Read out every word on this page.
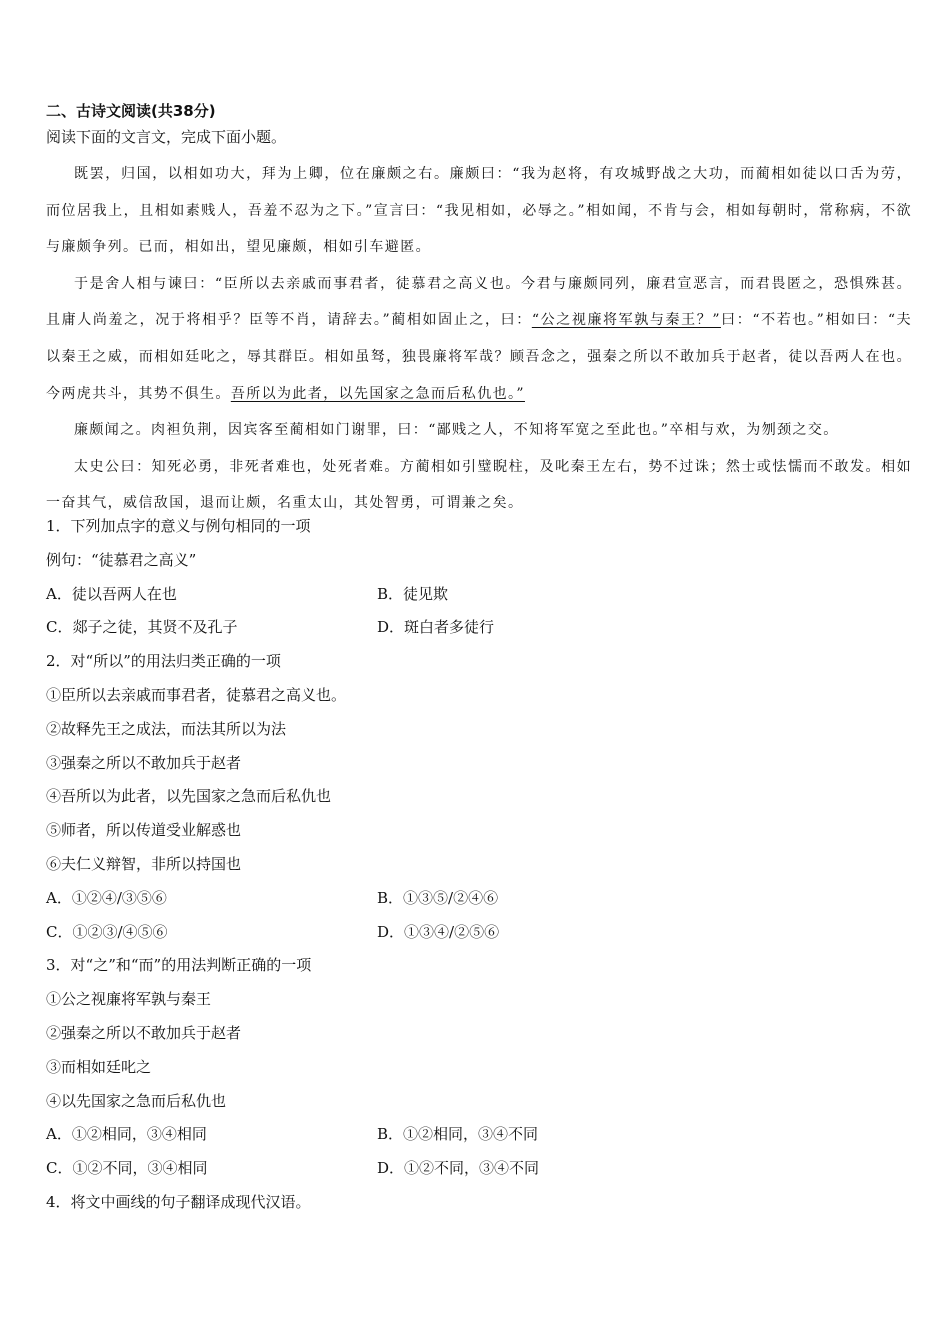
二、古诗文阅读(共38分)
阅读下面的文言文，完成下面小题。

既罢，归国，以相如功大，拜为上卿，位在廉颇之右。廉颇曰：“我为赵将，有攻城野战之大功，而蔺相如徒以口舌为劳，而位居我上，且相如素贱人，吾羞不忍为之下。”宣言曰：“我见相如，必辱之。”相如闻，不肯与会，相如每朝时，常称病，不欲与廉颇争列。已而，相如出，望见廉颇，相如引车避匿。

于是舍人相与谏曰：“臣所以去亲戚而事君者，徒慕君之高义也。今君与廉颇同列，廉君宣恶言，而君畏匿之，恐惧殊甚。且庸人尚羞之，况于将相乎？臣等不肖，请辞去。”蔺相如固止之，曰：“公之视廉将军孰与秦王？”曰：“不若也。”相如曰：“夫以秦王之威，而相如廷叱之，辱其群臣。相如虽驽，独畏廉将军哉？顾吾念之，强秦之所以不敢加兵于赵者，徒以吾两人在也。今两虎共斗，其势不俱生。吾所以为此者，以先国家之急而后私仇也。”

廉颇闻之。肉袒负荆，因宾客至蔺相如门谢罪，曰：“鄙贱之人，不知将军宽之至此也。”卒相与欢，为刎颈之交。

太史公曰：知死必勇，非死者难也，处死者难。方蔺相如引璧睨柱，及叱秦王左右，势不过诛；然士或怯懦而不敢发。相如一奋其气，威信敌国，退而让颇，名重太山，其处智勇，可谓兼之矣。

1．下列加点字的意义与例句相同的一项
例句：“徒慕君之高义”
A．徒以吾两人在也	B．徒见欺
C．郯子之徒，其贤不及孔子	D．斑白者多徒行
2．对“所以”的用法归类正确的一项
①臣所以去亲戚而事君者，徒慕君之高义也。
②故释先王之成法，而法其所以为法
③强秦之所以不敢加兵于赵者
④吾所以为此者，以先国家之急而后私仇也
⑤师者，所以传道受业解惑也
⑥夫仁义辩智，非所以持国也
A．①②④/③⑤⑥	B．①③⑤/②④⑥
C．①②③/④⑤⑥	D．①③④/②⑤⑥
3．对“之”和“而”的用法判断正确的一项
①公之视廉将军孰与秦王
②强秦之所以不敢加兵于赵者
③而相如廷叱之
④以先国家之急而后私仇也
A．①②相同，③④相同	B．①②相同，③④不同
C．①②不同，③④相同	D．①②不同，③④不同
4．将文中画线的句子翻译成现代汉语。
